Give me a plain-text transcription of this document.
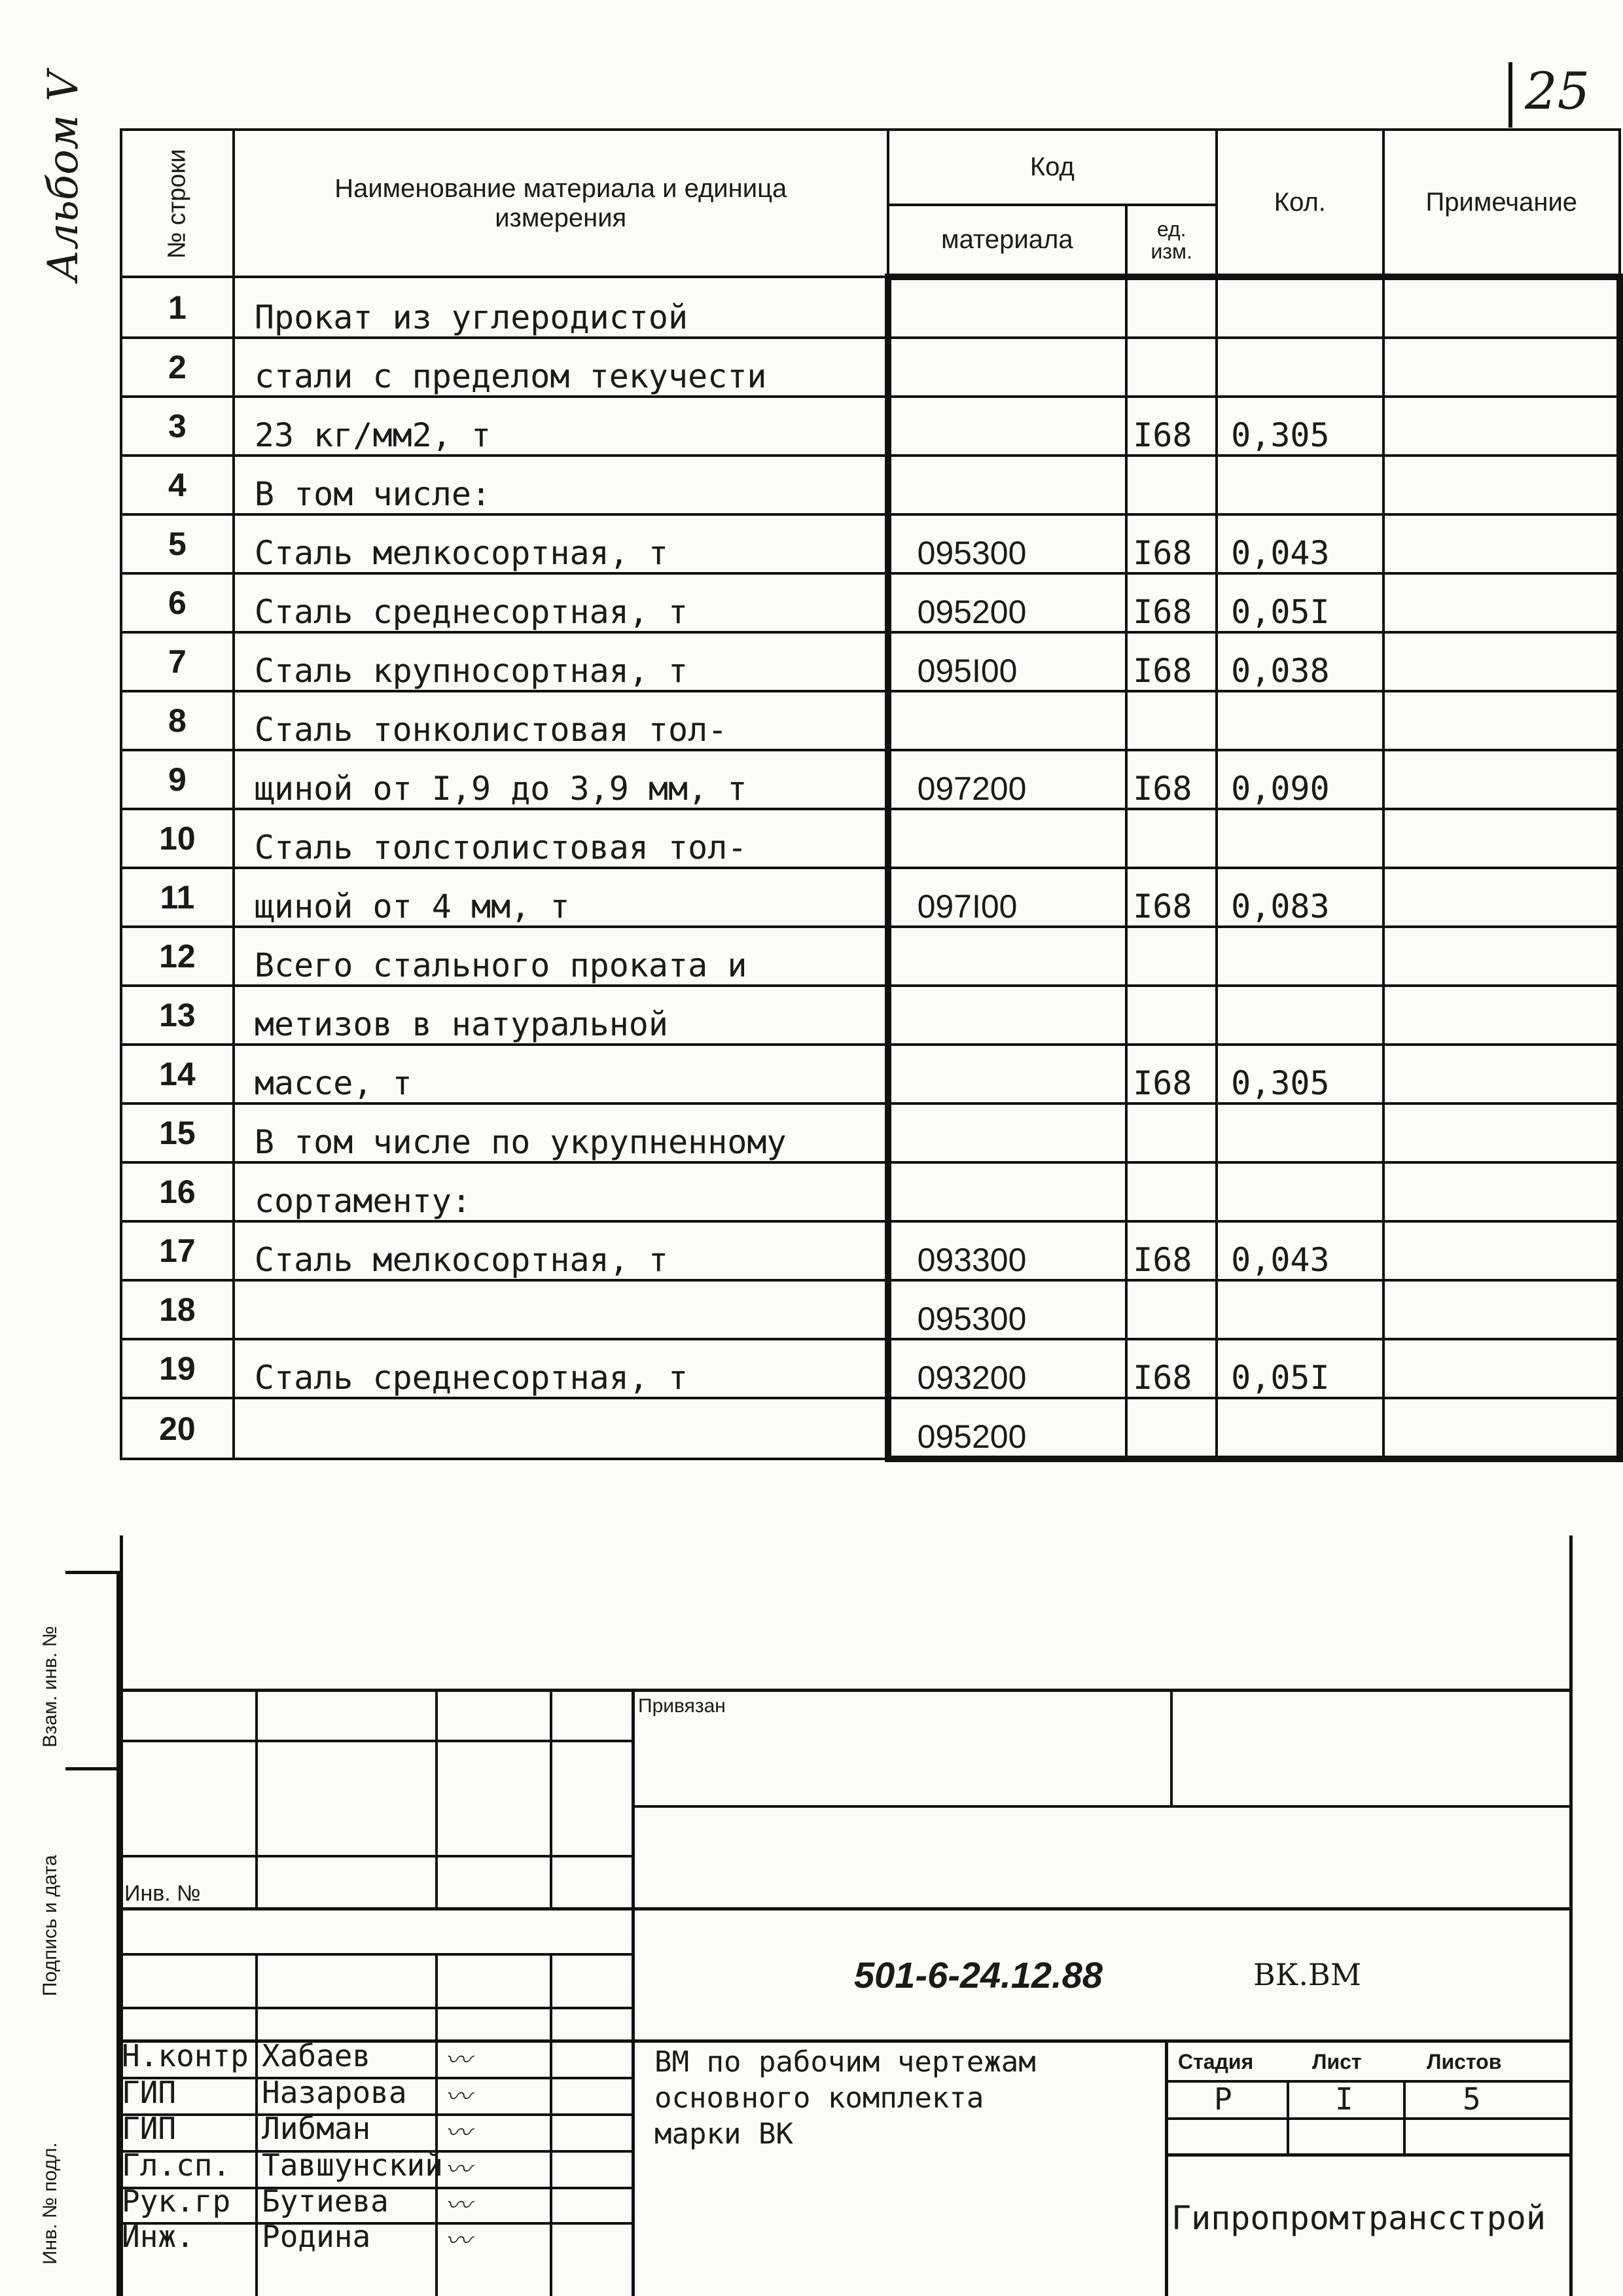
25
Альбом V	№ строки	Наименование материала и единица измерения	Код		Кол.	Примечание
		материала	ед. изм.		

1	Прокат из углеродистой				
2	стали с пределом текучести				
3	23 кг/мм2, т		I68	0,305	
4	В том числе:				
5	Сталь мелкосортная, т	095300	I68	0,043	
6	Сталь среднесортная, т	095200	I68	0,05I	
7	Сталь крупносортная, т	095I00	I68	0,038	
8	Сталь тонколистовая тол-				
9	щиной от I,9 до 3,9 мм, т	097200	I68	0,090	
10	Сталь толстолистовая тол-				
11	щиной от 4 мм, т	097I00	I68	0,083	
12	Всего стального проката и				
13	метизов в натуральной				
14	массе, т		I68	0,305	
15	В том числе по укрупненному				
16	сортаменту:				
17	Сталь мелкосортная, т	093300	I68	0,043	
18		095300			
19	Сталь среднесортная, т	093200	I68	0,05I	
20		095200			
Взам. инв. №
Подпись и дата
Инв. № подл.
Привязан
Инв. №
501-6-24.12.88	ВК.ВМ
ВМ по рабочим чертежам
основного комплекта
марки ВК
Стадия	Лист	Листов
Р	I	5
Гипропромтрансстрой
Н.контр Хабаев	〰
ГИП	Назарова 〰
ГИП	Либман	〰
Гл.сп. Тавшунский 〰
Рук.гр Бутиева 〰
Инж. Родина	〰
